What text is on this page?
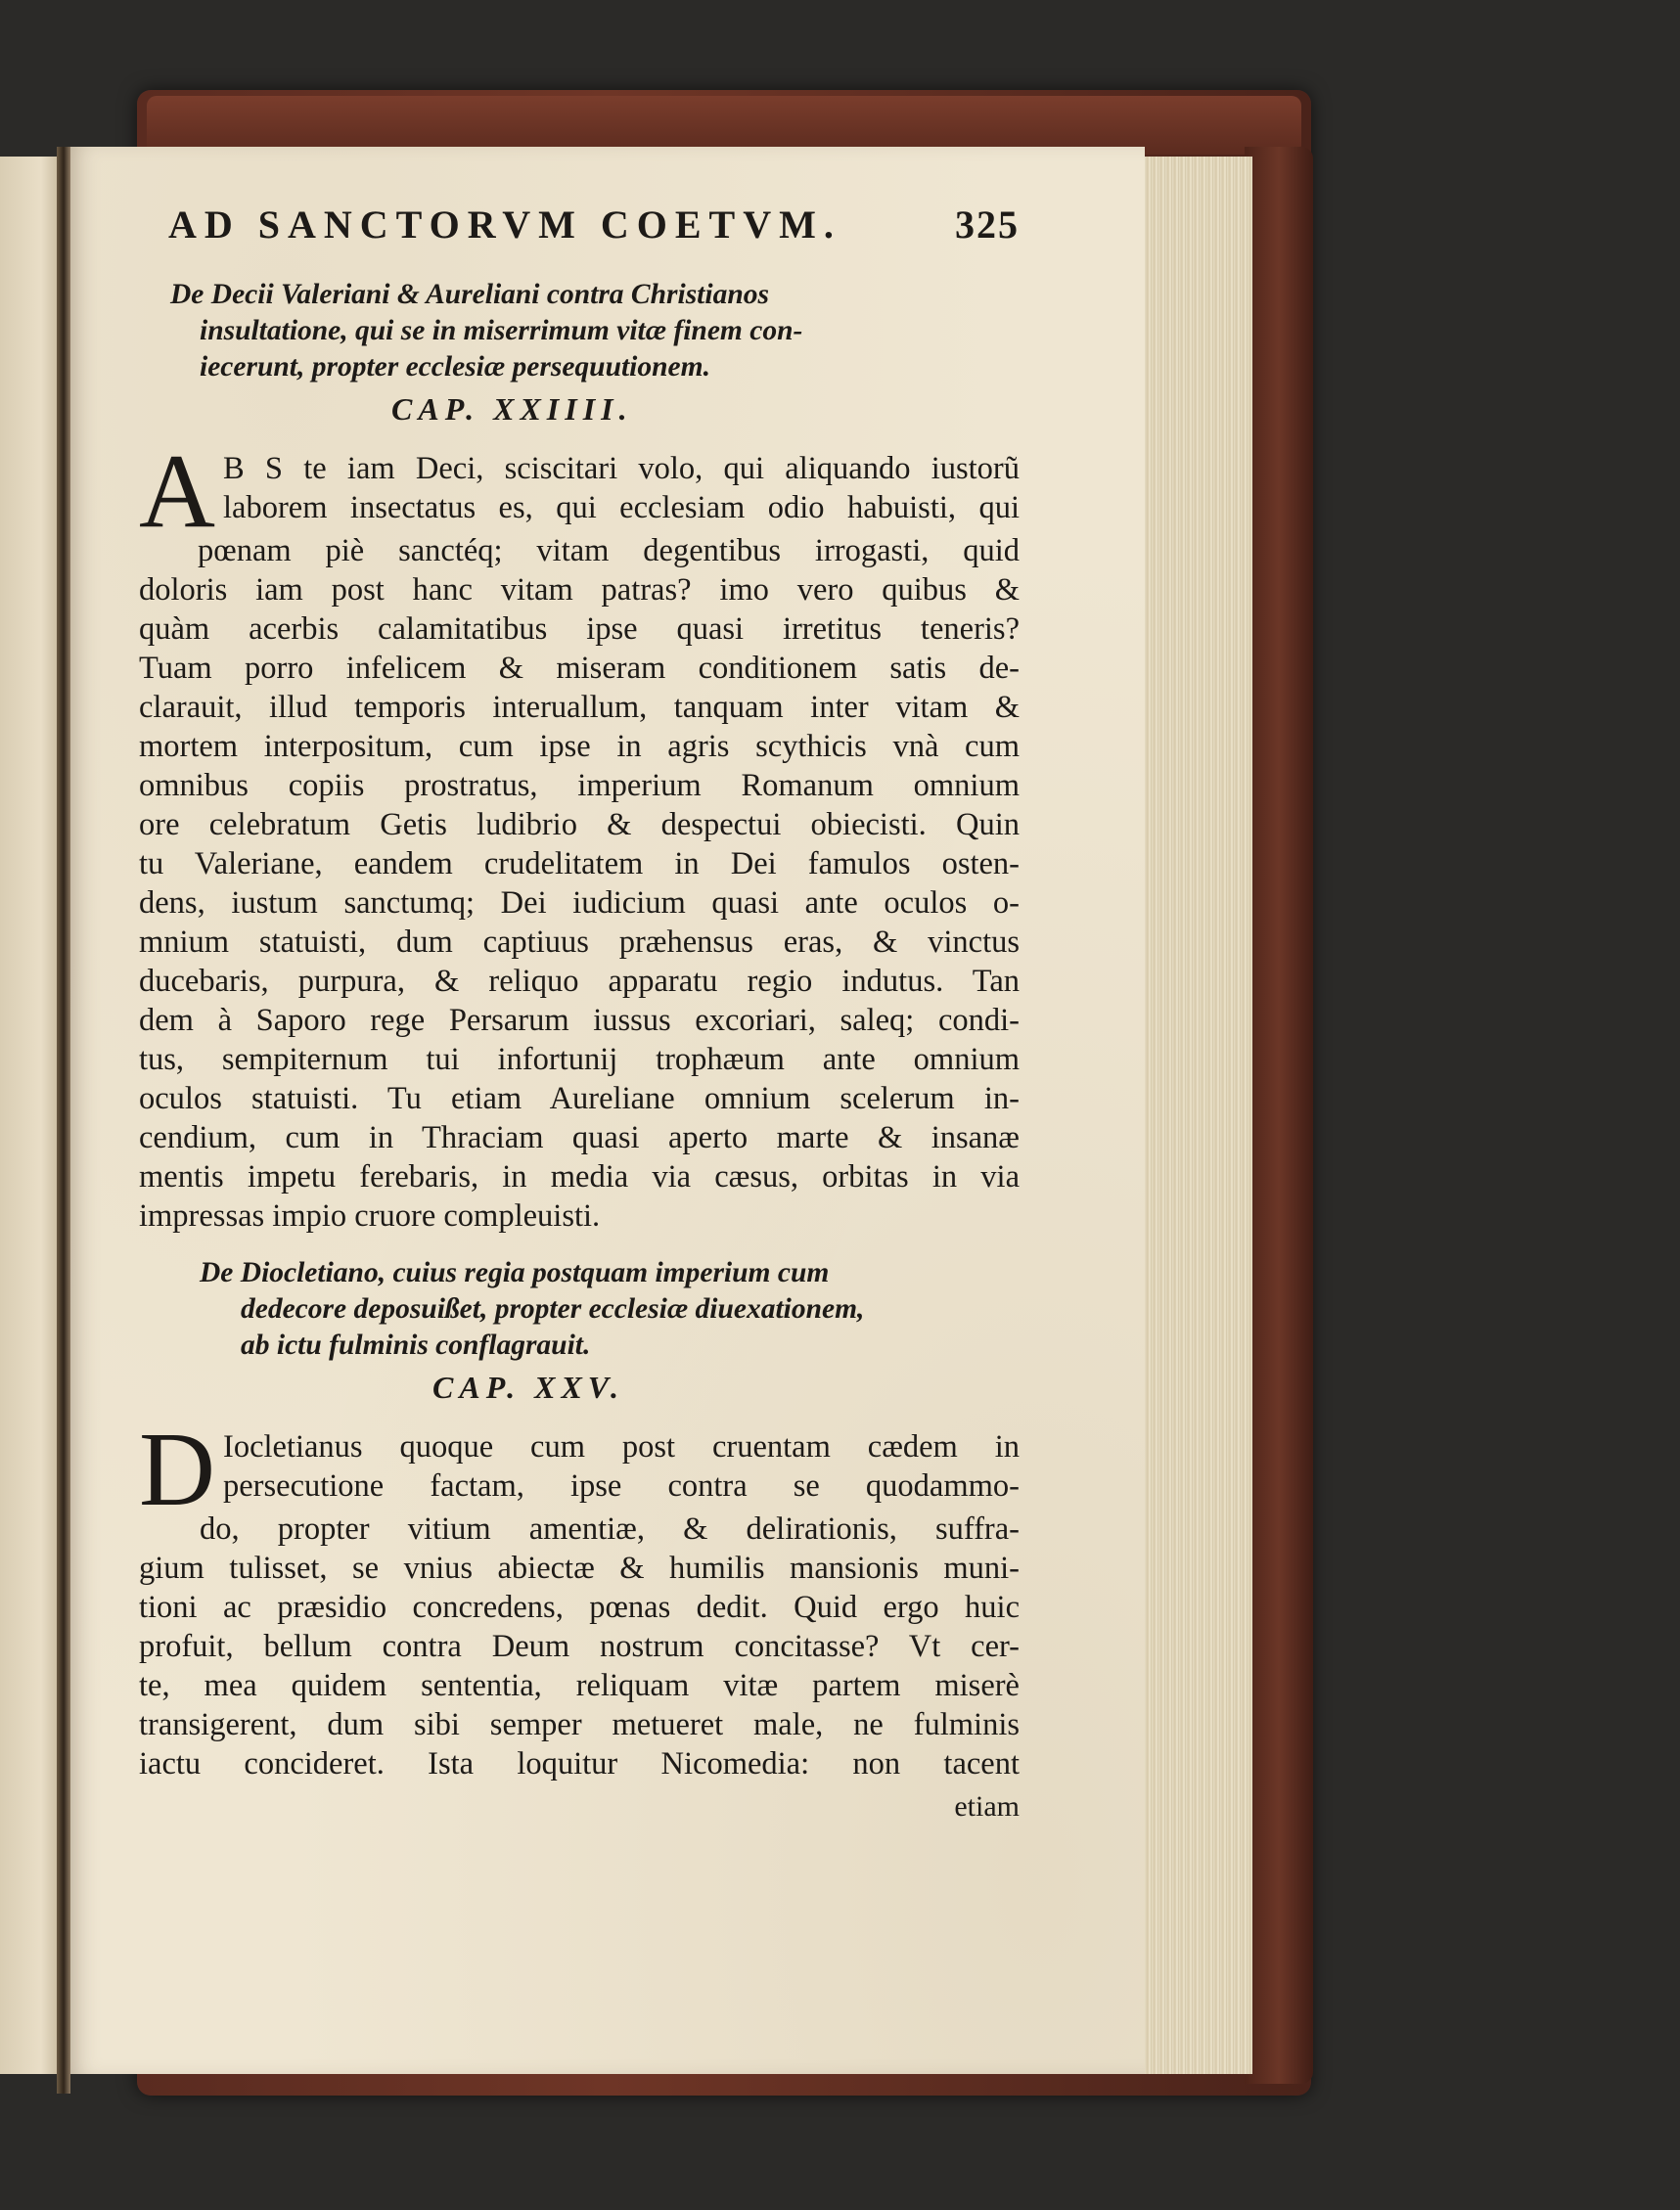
AD SANCTORVM COETVM.	325
De Decii Valeriani & Aureliani contra Christianos
insultatione, qui se in miserrimum vitæ finem con-
iecerunt, propter ecclesiæ persequutionem.
CAP. XXIIII.
A B S te iam Deci, sciscitari volo, qui aliquando iustorũ
laborem insectatus es, qui ecclesiam odio habuisti, qui
pœnam piè sanctéq; vitam degentibus irrogasti, quid
doloris iam post hanc vitam patras? imo vero quibus &
quàm acerbis calamitatibus ipse quasi irretitus teneris?
Tuam porro infelicem & miseram conditionem satis de-
clarauit, illud temporis interuallum, tanquam inter vitam &
mortem interpositum, cum ipse in agris scythicis vnà cum
omnibus copiis prostratus, imperium Romanum omnium
ore celebratum Getis ludibrio & despectui obiecisti. Quin
tu Valeriane, eandem crudelitatem in Dei famulos osten-
dens, iustum sanctumq; Dei iudicium quasi ante oculos o-
mnium statuisti, dum captiuus præhensus eras, & vinctus
ducebaris, purpura, & reliquo apparatu regio indutus. Tan
dem à Saporo rege Persarum iussus excoriari, saleq; condi-
tus, sempiternum tui infortunij trophæum ante omnium
oculos statuisti. Tu etiam Aureliane omnium scelerum in-
cendium, cum in Thraciam quasi aperto marte & insanæ
mentis impetu ferebaris, in media via cæsus, orbitas in via
impressas impio cruore compleuisti.
De Diocletiano, cuius regia postquam imperium cum
dedecore deposuißet, propter ecclesiæ diuexationem,
ab ictu fulminis conflagrauit.
CAP. XXV.
D Iocletianus quoque cum post cruentam cædem in
persecutione factam, ipse contra se quodammo-
do, propter vitium amentiæ, & delirationis, suffra-
gium tulisset, se vnius abiectæ & humilis mansionis muni-
tioni ac præsidio concredens, pœnas dedit. Quid ergo huic
profuit, bellum contra Deum nostrum concitasse? Vt cer-
te, mea quidem sententia, reliquam vitæ partem miserè
transigerent, dum sibi semper metueret male, ne fulminis
iactu concideret. Ista loquitur Nicomedia: non tacent
etiam
